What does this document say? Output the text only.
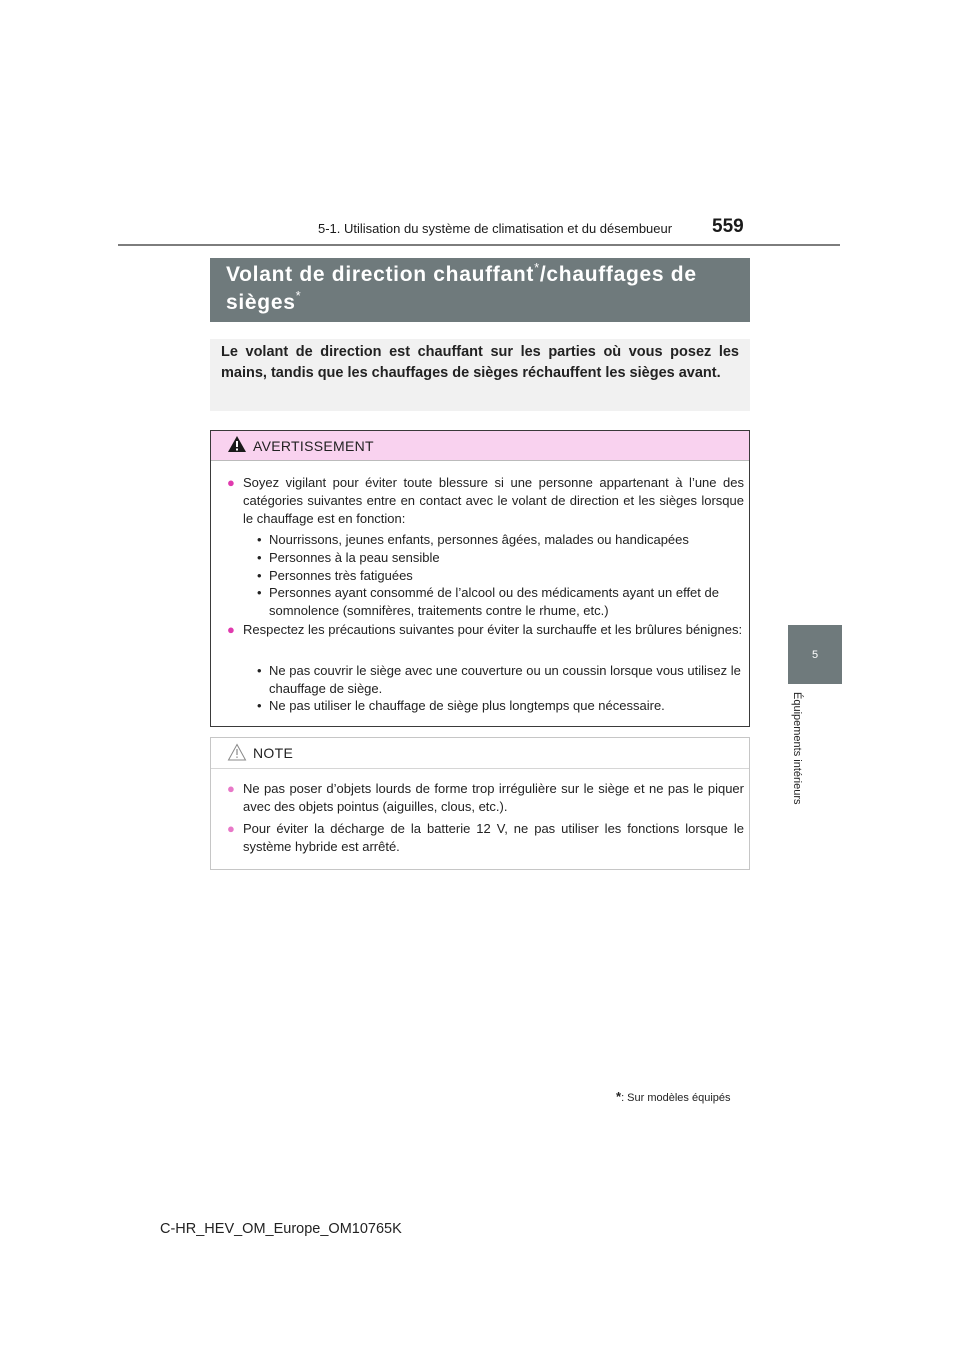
5-1. Utilisation du système de climatisation et du désembueur	559
5
Équipements intérieurs
Volant de direction chauffant*/chauffages de sièges*
Le volant de direction est chauffant sur les parties où vous posez les mains, tandis que les chauffages de sièges réchauffent les sièges avant.
AVERTISSEMENT
● Soyez vigilant pour éviter toute blessure si une personne appartenant à l’une des catégories suivantes entre en contact avec le volant de direction et les sièges lorsque le chauffage est en fonction:
• Nourrissons, jeunes enfants, personnes âgées, malades ou handicapées
• Personnes à la peau sensible
• Personnes très fatiguées
• Personnes ayant consommé de l’alcool ou des médicaments ayant un effet de somnolence (somnifères, traitements contre le rhume, etc.)
● Respectez les précautions suivantes pour éviter la surchauffe et les brûlures bénignes:
• Ne pas couvrir le siège avec une couverture ou un coussin lorsque vous utilisez le chauffage de siège.
• Ne pas utiliser le chauffage de siège plus longtemps que nécessaire.
NOTE
● Ne pas poser d’objets lourds de forme trop irrégulière sur le siège et ne pas le piquer avec des objets pointus (aiguilles, clous, etc.).
● Pour éviter la décharge de la batterie 12 V, ne pas utiliser les fonctions lorsque le système hybride est arrêté.
*: Sur modèles équipés
C-HR_HEV_OM_Europe_OM10765K
